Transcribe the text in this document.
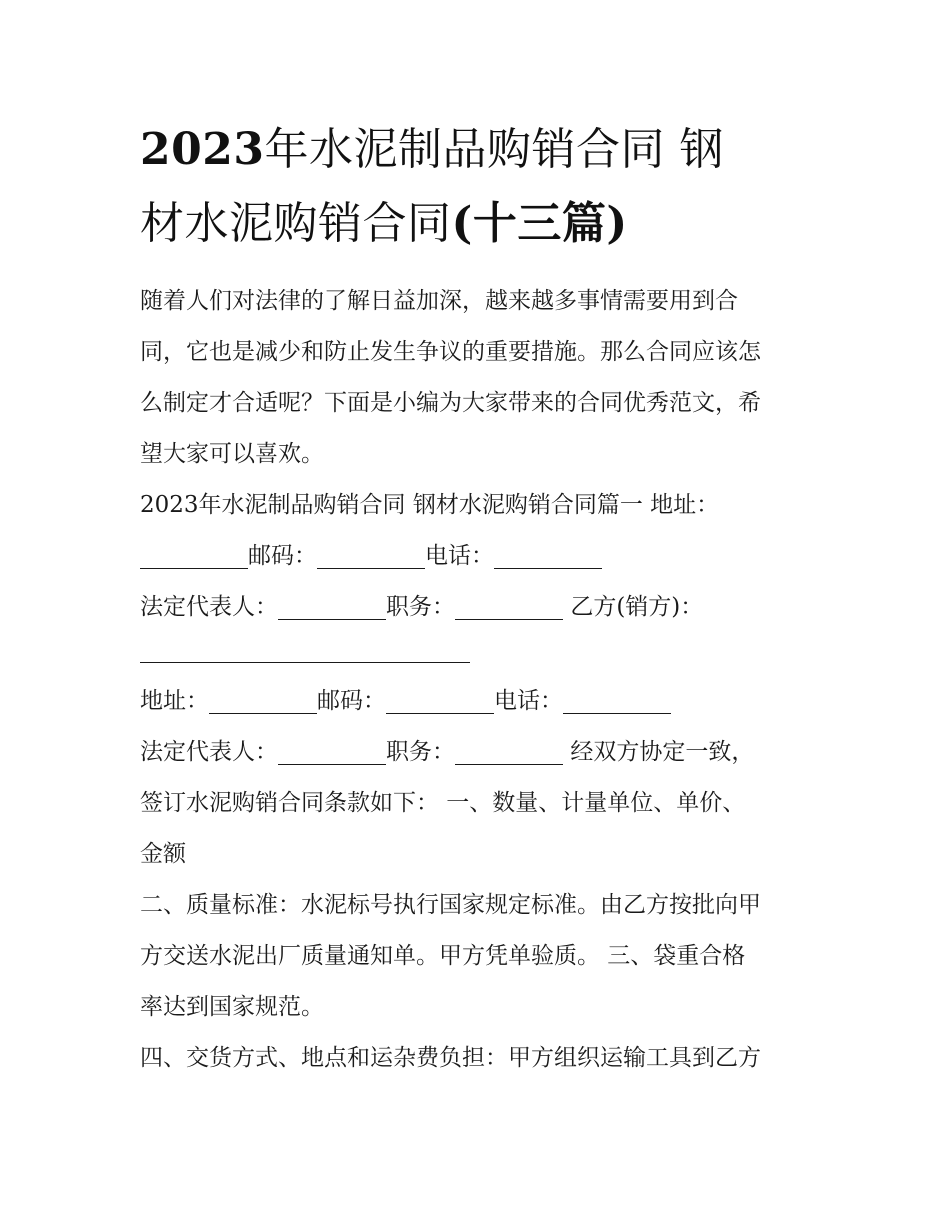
2023年水泥制品购销合同 钢
材水泥购销合同(十三篇)
随着人们对法律的了解日益加深，越来越多事情需要用到合
同，它也是减少和防止发生争议的重要措施。那么合同应该怎
么制定才合适呢？下面是小编为大家带来的合同优秀范文，希
望大家可以喜欢。
2023年水泥制品购销合同 钢材水泥购销合同篇一 地址：
邮码：	电话：
法定代表人：	职务：	乙方(销方)：
地址：	邮码：	电话：
法定代表人：	职务：	经双方协定一致，
签订水泥购销合同条款如下： 一、数量、计量单位、单价、
金额
二、质量标准：水泥标号执行国家规定标准。由乙方按批向甲
方交送水泥出厂质量通知单。甲方凭单验质。 三、袋重合格
率达到国家规范。
四、交货方式、地点和运杂费负担：甲方组织运输工具到乙方
